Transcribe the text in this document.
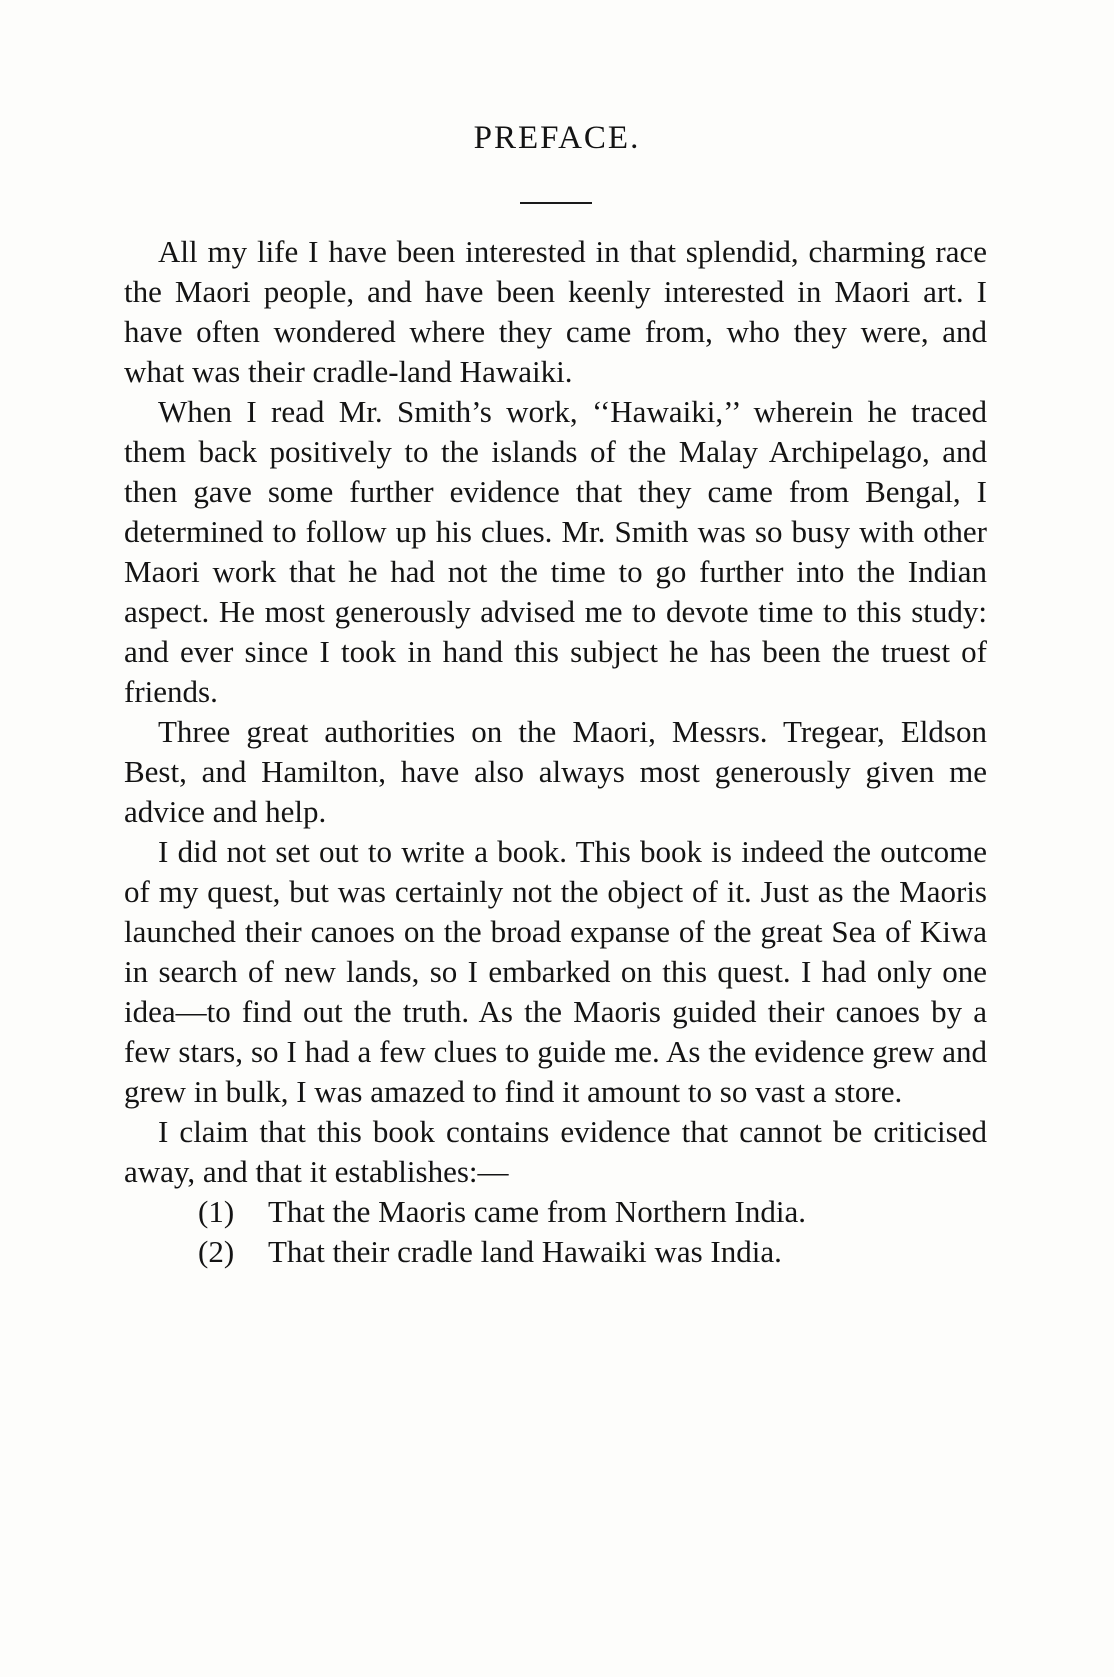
PREFACE.

All my life I have been interested in that splendid, charming race the Maori people, and have been keenly interested in Maori art. I have often wondered where they came from, who they were, and what was their cradle-land Hawaiki.

When I read Mr. Smith’s work, ‘‘Hawaiki,’’ wherein he traced them back positively to the islands of the Malay Archipelago, and then gave some further evidence that they came from Bengal, I determined to follow up his clues. Mr. Smith was so busy with other Maori work that he had not the time to go further into the Indian aspect. He most generously advised me to devote time to this study: and ever since I took in hand this subject he has been the truest of friends.

Three great authorities on the Maori, Messrs. Tregear, Eldson Best, and Hamilton, have also always most generously given me advice and help.

I did not set out to write a book. This book is indeed the outcome of my quest, but was certainly not the object of it. Just as the Maoris launched their canoes on the broad expanse of the great Sea of Kiwa in search of new lands, so I embarked on this quest. I had only one idea—to find out the truth. As the Maoris guided their canoes by a few stars, so I had a few clues to guide me. As the evidence grew and grew in bulk, I was amazed to find it amount to so vast a store.

I claim that this book contains evidence that cannot be criticised away, and that it establishes:—

(1)	That the Maoris came from Northern India.
(2)	That their cradle land Hawaiki was India.
